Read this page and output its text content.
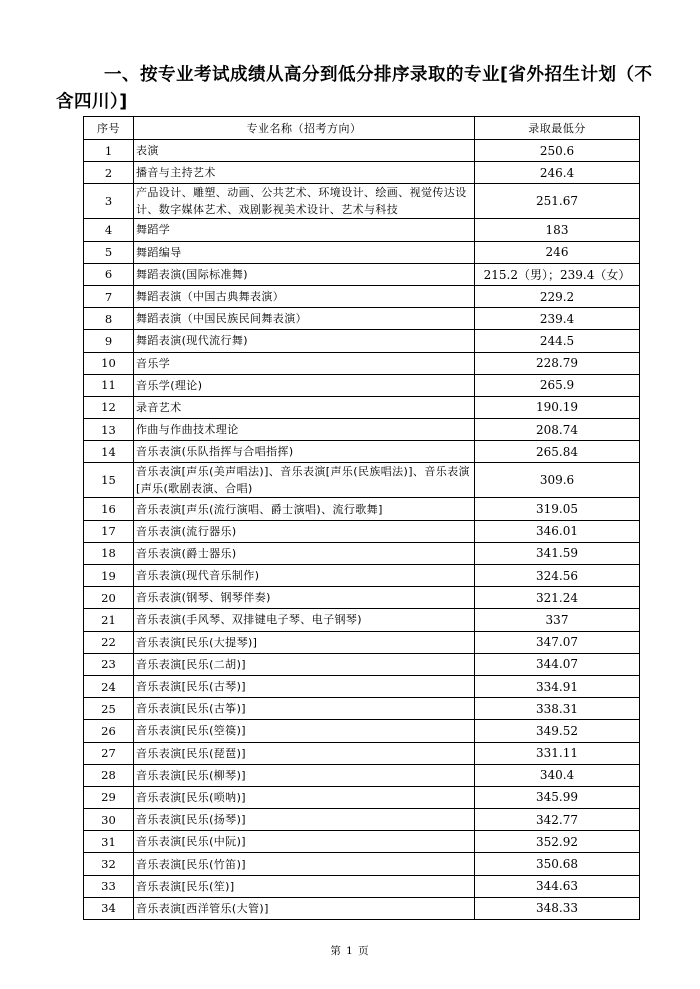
一、按专业考试成绩从高分到低分排序录取的专业[省外招生计划（不含四川）]
序号	专业名称（招考方向）	录取最低分
1	表演	250.6
2	播音与主持艺术	246.4
3	产品设计、雕塑、动画、公共艺术、环境设计、绘画、视觉传达设计、数字媒体艺术、戏剧影视美术设计、艺术与科技	251.67
4	舞蹈学	183
5	舞蹈编导	246
6	舞蹈表演(国际标准舞)	215.2（男）；239.4（女）
7	舞蹈表演（中国古典舞表演）	229.2
8	舞蹈表演（中国民族民间舞表演）	239.4
9	舞蹈表演(现代流行舞)	244.5
10	音乐学	228.79
11	音乐学(理论)	265.9
12	录音艺术	190.19
13	作曲与作曲技术理论	208.74
14	音乐表演(乐队指挥与合唱指挥)	265.84
15	音乐表演[声乐(美声唱法)]、音乐表演[声乐(民族唱法)]、音乐表演[声乐(歌剧表演、合唱)	309.6
16	音乐表演[声乐(流行演唱、爵士演唱)、流行歌舞]	319.05
17	音乐表演(流行器乐)	346.01
18	音乐表演(爵士器乐)	341.59
19	音乐表演(现代音乐制作)	324.56
20	音乐表演(钢琴、钢琴伴奏)	321.24
21	音乐表演(手风琴、双排键电子琴、电子钢琴)	337
22	音乐表演[民乐(大提琴)]	347.07
23	音乐表演[民乐(二胡)]	344.07
24	音乐表演[民乐(古琴)]	334.91
25	音乐表演[民乐(古筝)]	338.31
26	音乐表演[民乐(箜篌)]	349.52
27	音乐表演[民乐(琵琶)]	331.11
28	音乐表演[民乐(柳琴)]	340.4
29	音乐表演[民乐(唢呐)]	345.99
30	音乐表演[民乐(扬琴)]	342.77
31	音乐表演[民乐(中阮)]	352.92
32	音乐表演[民乐(竹笛)]	350.68
33	音乐表演[民乐(笙)]	344.63
34	音乐表演[西洋管乐(大管)]	348.33
第 1 页
